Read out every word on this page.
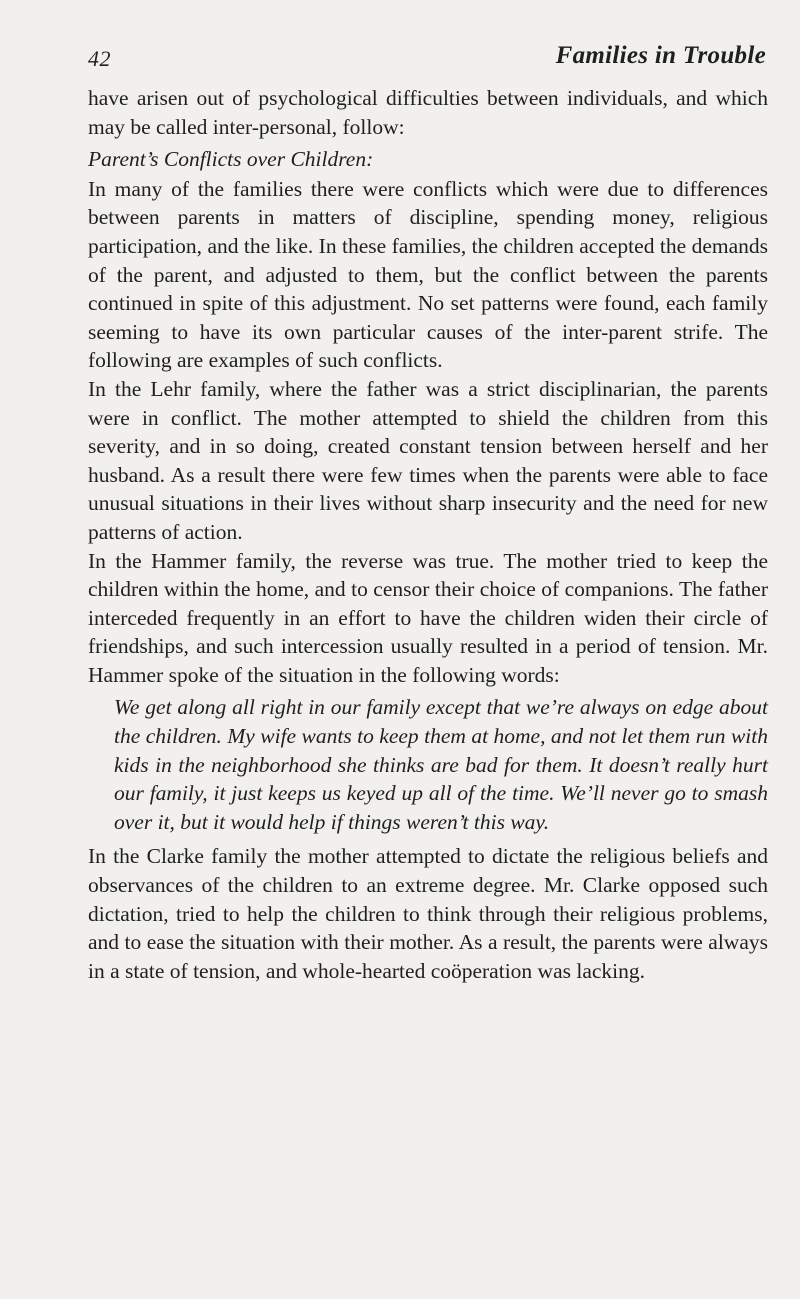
42	Families in Trouble

have arisen out of psychological difficulties between individuals, and which may be called inter-personal, follow:

Parent’s Conflicts over Children:

In many of the families there were conflicts which were due to differences between parents in matters of discipline, spending money, religious participation, and the like. In these families, the children accepted the demands of the parent, and adjusted to them, but the conflict between the parents continued in spite of this adjustment. No set patterns were found, each family seeming to have its own particular causes of the inter-parent strife. The following are examples of such conflicts.

In the Lehr family, where the father was a strict disciplinarian, the parents were in conflict. The mother attempted to shield the children from this severity, and in so doing, created constant tension between herself and her husband. As a result there were few times when the parents were able to face unusual situations in their lives without sharp insecurity and the need for new patterns of action.

In the Hammer family, the reverse was true. The mother tried to keep the children within the home, and to censor their choice of companions. The father interceded frequently in an effort to have the children widen their circle of friendships, and such intercession usually resulted in a period of tension. Mr. Hammer spoke of the situation in the following words:

We get along all right in our family except that we’re always on edge about the children. My wife wants to keep them at home, and not let them run with kids in the neighborhood she thinks are bad for them. It doesn’t really hurt our family, it just keeps us keyed up all of the time. We’ll never go to smash over it, but it would help if things weren’t this way.

In the Clarke family the mother attempted to dictate the religious beliefs and observances of the children to an extreme degree. Mr. Clarke opposed such dictation, tried to help the children to think through their religious problems, and to ease the situation with their mother. As a result, the parents were always in a state of tension, and whole-hearted coöperation was lacking.
